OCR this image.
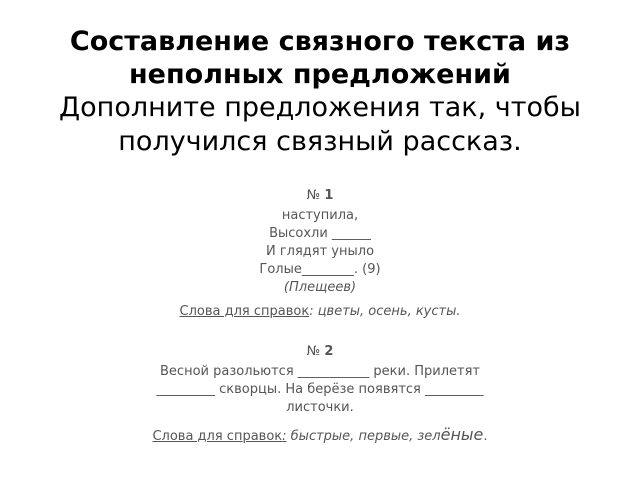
Составление связного текста из неполных предложений
Дополните предложения так, чтобы получился связный рассказ.
№ 1
наступила,
Высохли ______
И глядят уныло
Голые________. (9)
(Плещеев)
Слова для справок: цветы, осень, кусты.
№ 2
Весной разольются ___________ реки. Прилетят
_________ скворцы. На берёзе появятся _________
листочки.
Слова для справок: быстрые, первые, зелёные.
